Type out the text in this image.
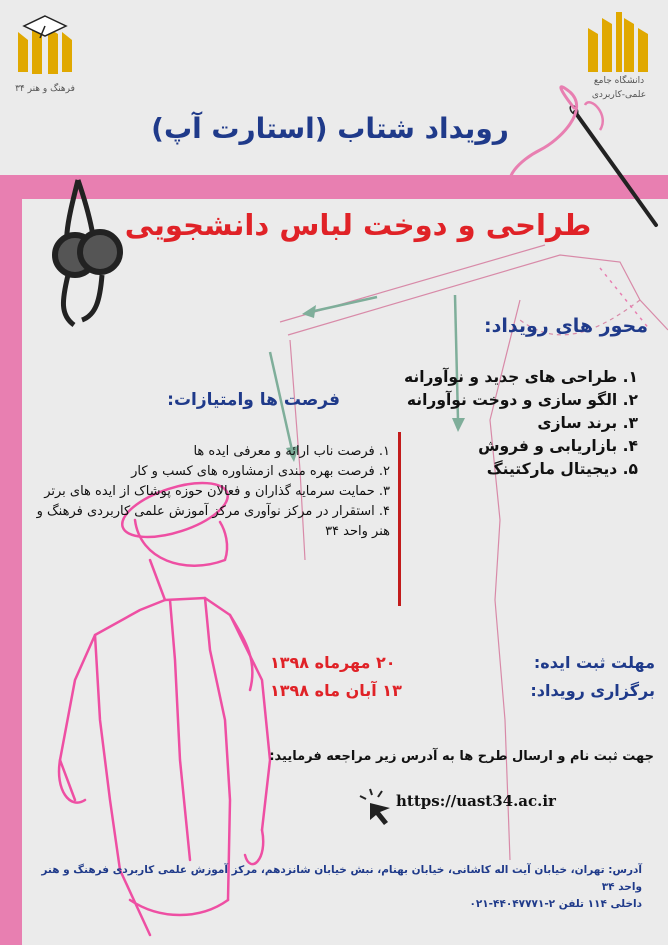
فرهنگ و هنر ۳۴
دانشگاه جامع
علمی-کاربردی
رویداد شتاب (استارت آپ)
طراحی و دوخت لباس دانشجویی
محور های رویداد:
۱. طراحی های جدید و نوآورانه
۲. الگو سازی و دوخت نوآورانه
۳. برند سازی
۴. بازاریابی و فروش
۵. دیجیتال مارکتینگ
فرصت ها وامتیازات:
۱. فرصت ناب ارائه و معرفی ایده ها
۲. فرصت بهره مندی ازمشاوره های کسب و کار
۳. حمایت سرمایه گذاران و فعالان حوزه پوشاک از ایده های برتر
۴. استقرار در مرکز نوآوری مرکز آموزش علمی کاربردی فرهنگ و هنر واحد ۳۴
مهلت ثبت ایده:
۲۰ مهرماه ۱۳۹۸
برگزاری رویداد:
۱۳ آبان ماه ۱۳۹۸
جهت ثبت نام و ارسال طرح ها به آدرس زیر مراجعه فرمایید:
https://uast34.ac.ir
آدرس: تهران، خیابان آیت اله کاشانی، خیابان بهنام، نبش خیابان شانزدهم، مرکز آموزش علمی کاربردی فرهنگ و هنر واحد ۳۴
داخلی ۱۱۴ تلفن ۲-۴۴۰۴۷۷۷۱-۰۲۱
